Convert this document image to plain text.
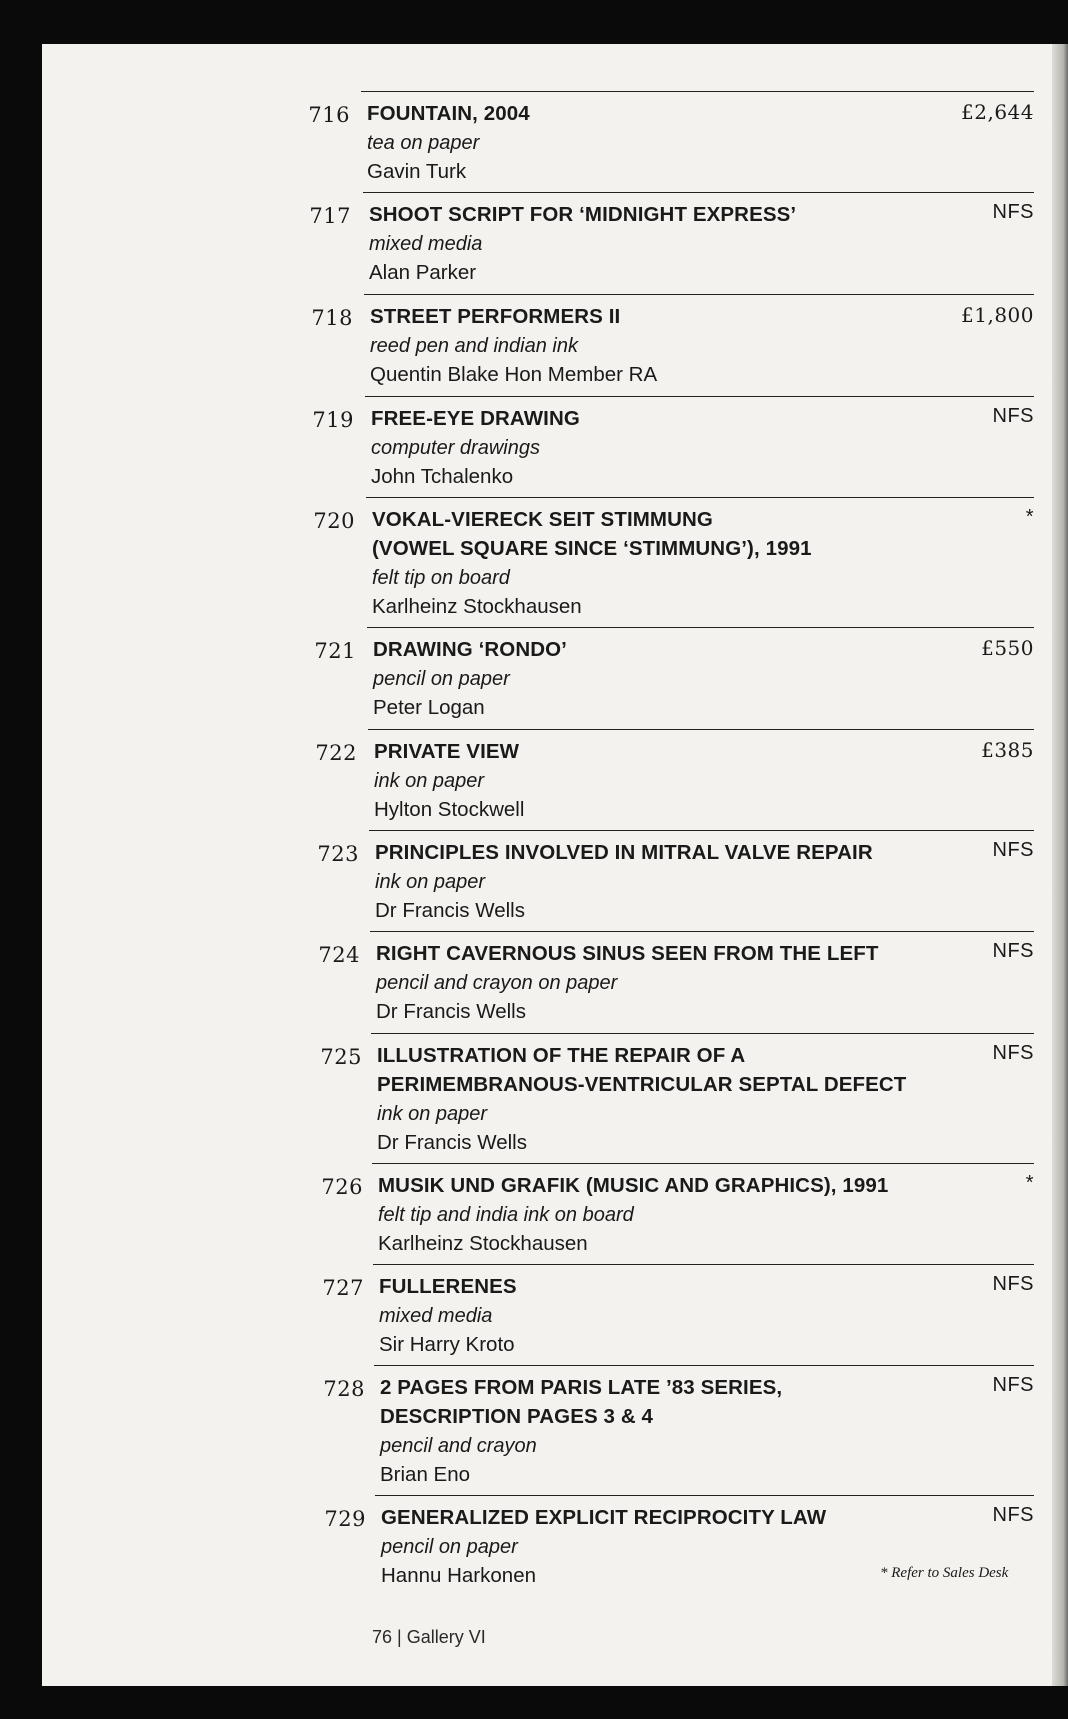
716 FOUNTAIN, 2004
tea on paper
Gavin Turk
£2,644
717 SHOOT SCRIPT FOR ‘MIDNIGHT EXPRESS’
mixed media
Alan Parker
NFS
718 STREET PERFORMERS II
reed pen and indian ink
Quentin Blake Hon Member RA
£1,800
719 FREE-EYE DRAWING
computer drawings
John Tchalenko
NFS
720 VOKAL-VIERECK SEIT STIMMUNG
(VOWEL SQUARE SINCE ‘STIMMUNG’), 1991
felt tip on board
Karlheinz Stockhausen
*
721 DRAWING ‘RONDO’
pencil on paper
Peter Logan
£550
722 PRIVATE VIEW
ink on paper
Hylton Stockwell
£385
723 PRINCIPLES INVOLVED IN MITRAL VALVE REPAIR
ink on paper
Dr Francis Wells
NFS
724 RIGHT CAVERNOUS SINUS SEEN FROM THE LEFT
pencil and crayon on paper
Dr Francis Wells
NFS
725 ILLUSTRATION OF THE REPAIR OF A
PERIMEMBRANOUS-VENTRICULAR SEPTAL DEFECT
ink on paper
Dr Francis Wells
NFS
726 MUSIK UND GRAFIK (MUSIC AND GRAPHICS), 1991
felt tip and india ink on board
Karlheinz Stockhausen
*
727 FULLERENES
mixed media
Sir Harry Kroto
NFS
728 2 PAGES FROM PARIS LATE ’83 SERIES,
DESCRIPTION PAGES 3 & 4
pencil and crayon
Brian Eno
NFS
729 GENERALIZED EXPLICIT RECIPROCITY LAW
pencil on paper
Hannu Harkonen
NFS
* Refer to Sales Desk
76 | Gallery VI
